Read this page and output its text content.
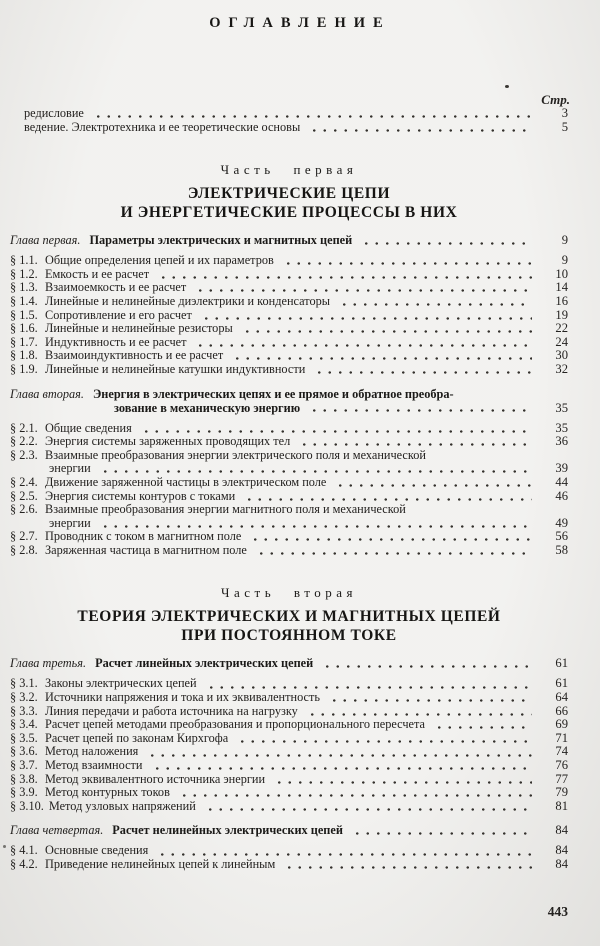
ОГЛАВЛЕНИЕ
Стр.
редисловие	3
ведение. Электротехника и ее теоретические основы	5
Часть первая
ЭЛЕКТРИЧЕСКИЕ ЦЕПИ
И ЭНЕРГЕТИЧЕСКИЕ ПРОЦЕССЫ В НИХ
Глава первая. Параметры электрических и магнитных цепей	9
§ 1.1. Общие определения цепей и их параметров	9
§ 1.2. Емкость и ее расчет	10
§ 1.3. Взаимоемкость и ее расчет	14
§ 1.4. Линейные и нелинейные диэлектрики и конденсаторы	16
§ 1.5. Сопротивление и его расчет	19
§ 1.6. Линейные и нелинейные резисторы	22
§ 1.7. Индуктивность и ее расчет	24
§ 1.8. Взаимоиндуктивность и ее расчет	30
§ 1.9. Линейные и нелинейные катушки индуктивности	32
Глава вторая. Энергия в электрических цепях и ее прямое и обратное преобра-
зование в механическую энергию	35
§ 2.1. Общие сведения	35
§ 2.2. Энергия системы заряженных проводящих тел	36
§ 2.3. Взаимные преобразования энергии электрического поля и механической
энергии	39
§ 2.4. Движение заряженной частицы в электрическом поле	44
§ 2.5. Энергия системы контуров с токами	46
§ 2.6. Взаимные преобразования энергии магнитного поля и механической
энергии	49
§ 2.7. Проводник с током в магнитном поле	56
§ 2.8. Заряженная частица в магнитном поле	58
Часть вторая
ТЕОРИЯ ЭЛЕКТРИЧЕСКИХ И МАГНИТНЫХ ЦЕПЕЙ
ПРИ ПОСТОЯННОМ ТОКЕ
Глава третья. Расчет линейных электрических цепей	61
§ 3.1. Законы электрических цепей	61
§ 3.2. Источники напряжения и тока и их эквивалентность	64
§ 3.3. Линия передачи и работа источника на нагрузку	66
§ 3.4. Расчет цепей методами преобразования и пропорционального пересчета	69
§ 3.5. Расчет цепей по законам Кирхгофа	71
§ 3.6. Метод наложения	74
§ 3.7. Метод взаимности	76
§ 3.8. Метод эквивалентного источника энергии	77
§ 3.9. Метод контурных токов	79
§ 3.10. Метод узловых напряжений	81
Глава четвертая. Расчет нелинейных электрических цепей	84
§ 4.1. Основные сведения	84
§ 4.2. Приведение нелинейных цепей к линейным	84
443
